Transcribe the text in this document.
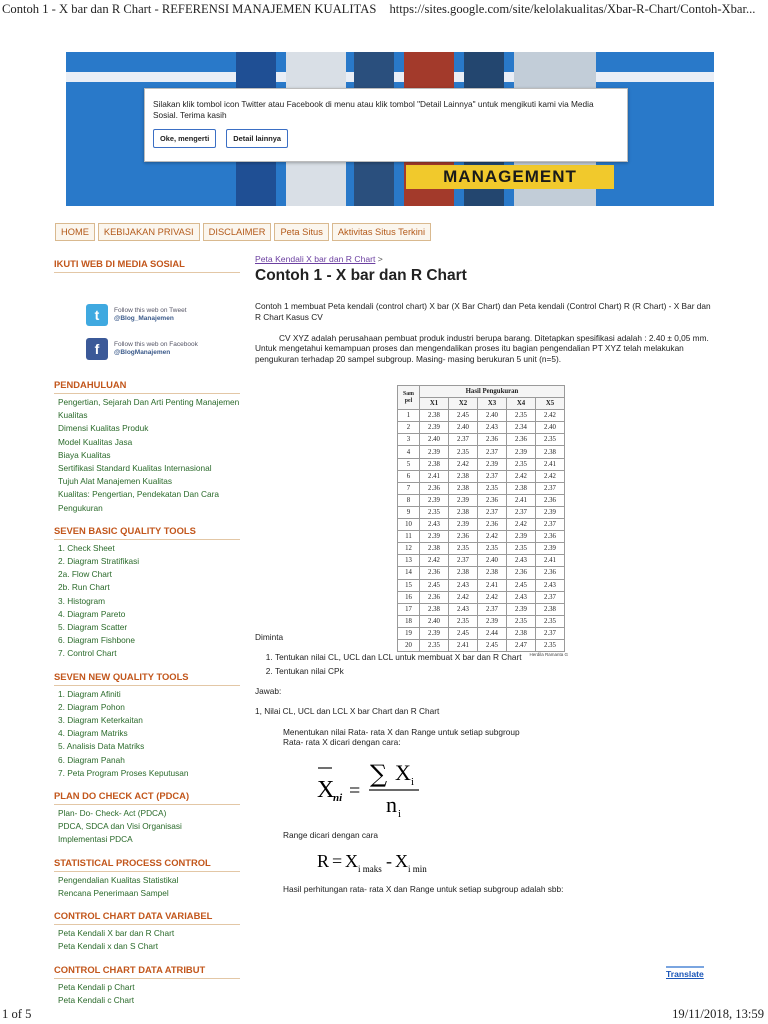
Contoh 1 - X bar dan R Chart - REFERENSI MANAJEMEN KUALITAS https://sites.google.com/site/kelolakualitas/Xbar-R-Chart/Contoh-Xbar...
MANAGEMENT
Silakan klik tombol icon Twitter atau Facebook di menu atau klik tombol "Detail Lainnya" untuk mengikuti kami via Media Sosial. Terima kasih
Oke, mengerti	Detail lainnya
HOME	KEBIJAKAN PRIVASI	DISCLAIMER	Peta Situs	Aktivitas Situs Terkini
IKUTI WEB DI MEDIA SOSIAL
t	Follow this web on Tweet
@Blog_Manajemen
f	Follow this web on Facebook
@BlogManajemen
PENDAHULUAN
Pengertian, Sejarah Dan Arti Penting Manajemen Kualitas
Dimensi Kualitas Produk
Model Kualitas Jasa
Biaya Kualitas
Sertifikasi Standard Kualitas Internasional
Tujuh Alat Manajemen Kualitas
Kualitas: Pengertian, Pendekatan Dan Cara Pengukuran
SEVEN BASIC QUALITY TOOLS
1. Check Sheet
2. Diagram Stratifikasi
2a. Flow Chart
2b. Run Chart
3. Histogram
4. Diagram Pareto
5. Diagram Scatter
6. Diagram Fishbone
7. Control Chart
SEVEN NEW QUALITY TOOLS
1. Diagram Afiniti
2. Diagram Pohon
3. Diagram Keterkaitan
4. Diagram Matriks
5. Analisis Data Matriks
6. Diagram Panah
7. Peta Program Proses Keputusan
PLAN DO CHECK ACT (PDCA)
Plan- Do- Check- Act (PDCA)
PDCA, SDCA dan Visi Organisasi
Implementasi PDCA
STATISTICAL PROCESS CONTROL
Pengendalian Kualitas Statistikal
Rencana Penerimaan Sampel
CONTROL CHART DATA VARIABEL
Peta Kendali X bar dan R Chart
Peta Kendali x dan S Chart
CONTROL CHART DATA ATRIBUT
Peta Kendali p Chart
Peta Kendali c Chart
Peta Kendali X bar dan R Chart >
Contoh 1 - X bar dan R Chart
Contoh 1 membuat Peta kendali (control chart) X bar (X Bar Chart) dan Peta kendali (Control Chart) R (R Chart) - X Bar dan R Chart Kasus CV
CV XYZ adalah perusahaan pembuat produk industri berupa barang. Ditetapkan spesifikasi adalah : 2.40 ± 0,05 mm. Untuk mengetahui kemampuan proses dan mengendalikan proses itu bagian pengendalian PT XYZ telah melakukan pengukuran terhadap 20 sampel subgroup. Masing- masing berukuran 5 unit (n=5).
Diminta
1. Tentukan nilai CL, UCL dan LCL untuk membuat X bar dan R Chart
2. Tentukan nilai CPk
Jawab:
1, Nilai CL, UCL dan LCL X bar Chart dan R Chart
Menentukan nilai Rata- rata X dan Range untuk setiap subgroup
Rata- rata X dicari dengan cara:
Range dicari dengan cara
Hasil perhitungan rata- rata X dan Range untuk setiap subgroup adalah sbb:
Sam pel	Hasil Pengukuran				
	X1	X2	X3	X4	X5
1	2.38	2.45	2.40	2.35	2.42
2	2.39	2.40	2.43	2.34	2.40
3	2.40	2.37	2.36	2.36	2.35
4	2.39	2.35	2.37	2.39	2.38
5	2.38	2.42	2.39	2.35	2.41
6	2.41	2.38	2.37	2.42	2.42
7	2.36	2.38	2.35	2.38	2.37
8	2.39	2.39	2.36	2.41	2.36
9	2.35	2.38	2.37	2.37	2.39
10	2.43	2.39	2.36	2.42	2.37
11	2.39	2.36	2.42	2.39	2.36
12	2.38	2.35	2.35	2.35	2.39
13	2.42	2.37	2.40	2.43	2.41
14	2.36	2.38	2.38	2.36	2.36
15	2.45	2.43	2.41	2.45	2.43
16	2.36	2.42	2.42	2.43	2.37
17	2.38	2.43	2.37	2.39	2.38
18	2.40	2.35	2.39	2.35	2.35
19	2.39	2.45	2.44	2.38	2.37
20	2.35	2.41	2.45	2.47	2.35
Herdila Ramanta G
X
ni =
∑ X i
n i
R = X i maks - X i min
Translate
1 of 5	19/11/2018, 13:59
